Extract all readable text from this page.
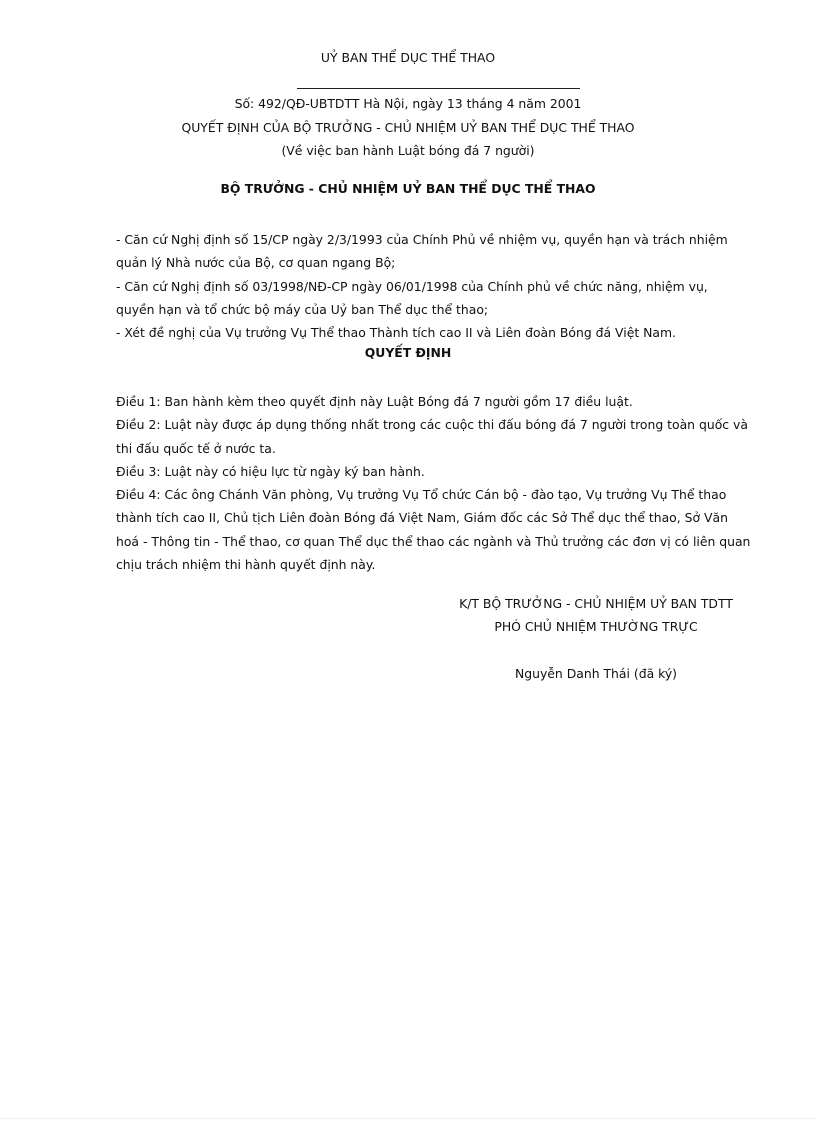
UỶ BAN THỂ DỤC THỂ THAO
Số: 492/QĐ-UBTDTT Hà Nội, ngày 13 tháng 4 năm 2001
QUYẾT ĐỊNH CỦA BỘ TRƯỞNG - CHỦ NHIỆM UỶ BAN THỂ DỤC THỂ THAO
(Về việc ban hành Luật bóng đá 7 người)
BỘ TRƯỞNG - CHỦ NHIỆM UỶ BAN THỂ DỤC THỂ THAO
- Căn cứ Nghị định số 15/CP ngày 2/3/1993 của Chính Phủ về nhiệm vụ, quyền hạn và trách nhiệm
quản lý Nhà nước của Bộ, cơ quan ngang Bộ;
- Căn cứ Nghị định số 03/1998/NĐ-CP ngày 06/01/1998 của Chính phủ về chức năng, nhiệm vụ,
quyền hạn và tổ chức bộ máy của Uỷ ban Thể dục thể thao;
- Xét đề nghị của Vụ trưởng Vụ Thể thao Thành tích cao II và Liên đoàn Bóng đá Việt Nam.
QUYẾT ĐỊNH
Điều 1: Ban hành kèm theo quyết định này Luật Bóng đá 7 người gồm 17 điều luật.
Điều 2: Luật này được áp dụng thống nhất trong các cuộc thi đấu bóng đá 7 người trong toàn quốc và
thi đấu quốc tế ở nước ta.
Điều 3: Luật này có hiệu lực từ ngày ký ban hành.
Điều 4: Các ông Chánh Văn phòng, Vụ trưởng Vụ Tổ chức Cán bộ - đào tạo, Vụ trưởng Vụ Thể thao
thành tích cao II, Chủ tịch Liên đoàn Bóng đá Việt Nam, Giám đốc các Sở Thể dục thể thao, Sở Văn
hoá - Thông tin - Thể thao, cơ quan Thể dục thể thao các ngành và Thủ trưởng các đơn vị có liên quan
chịu trách nhiệm thi hành quyết định này.
K/T BỘ TRƯỞNG - CHỦ NHIỆM UỶ BAN TDTT
PHÓ CHỦ NHIỆM THƯỜNG TRỰC
Nguyễn Danh Thái (đã ký)
